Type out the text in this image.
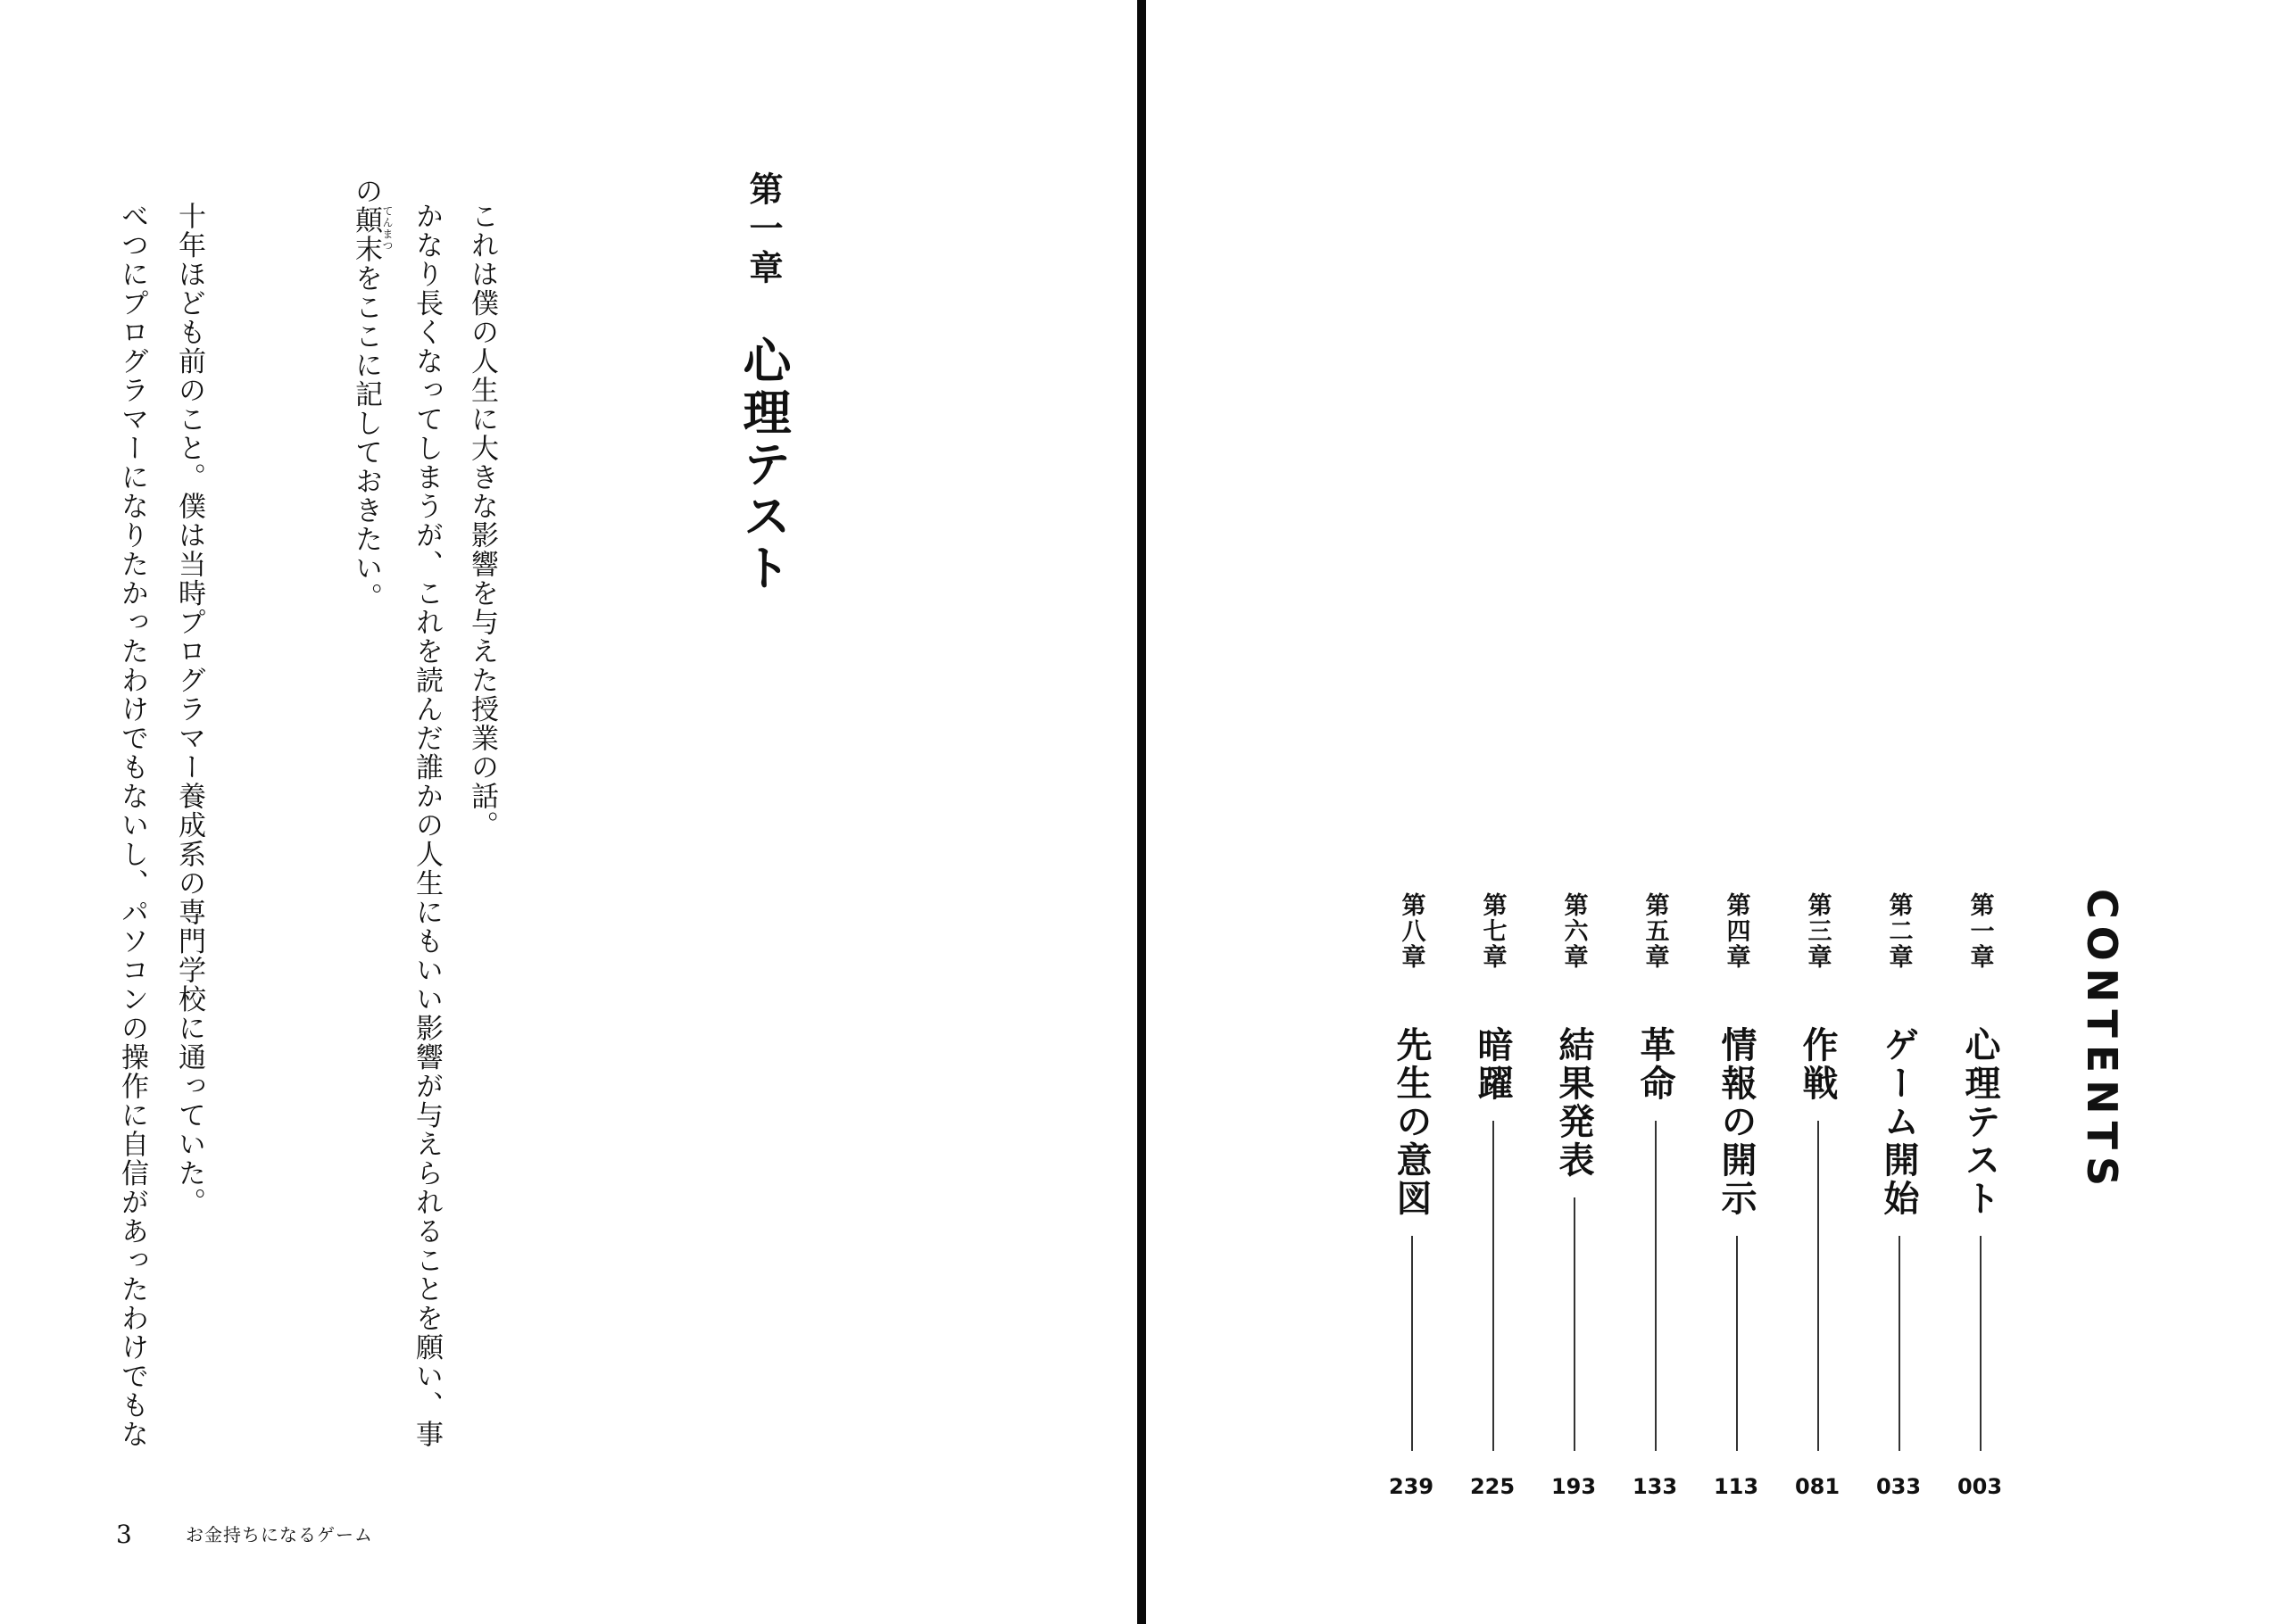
第一章
心理テスト

これは僕の人生に大きな影響を与えた授業の話。

かなり長くなってしまうが、これを読んだ誰かの人生にもいい影響が与えられることを願い、事

の顛末をここに記しておきたい。 てんまつ

十年ほども前のこと。僕は当時プログラマー養成系の専門学校に通っていた。

べつにプログラマーになりたかったわけでもないし、パソコンの操作に自信があったわけでもな

3	お金持ちになるゲーム
CONTENTS
第一章
心理テスト
003
第二章
ゲーム開始
033
第三章
作戦
081
第四章
情報の開示
113
第五章
革命
133
第六章
結果発表
193
第七章
暗躍
225
第八章
先生の意図
239
